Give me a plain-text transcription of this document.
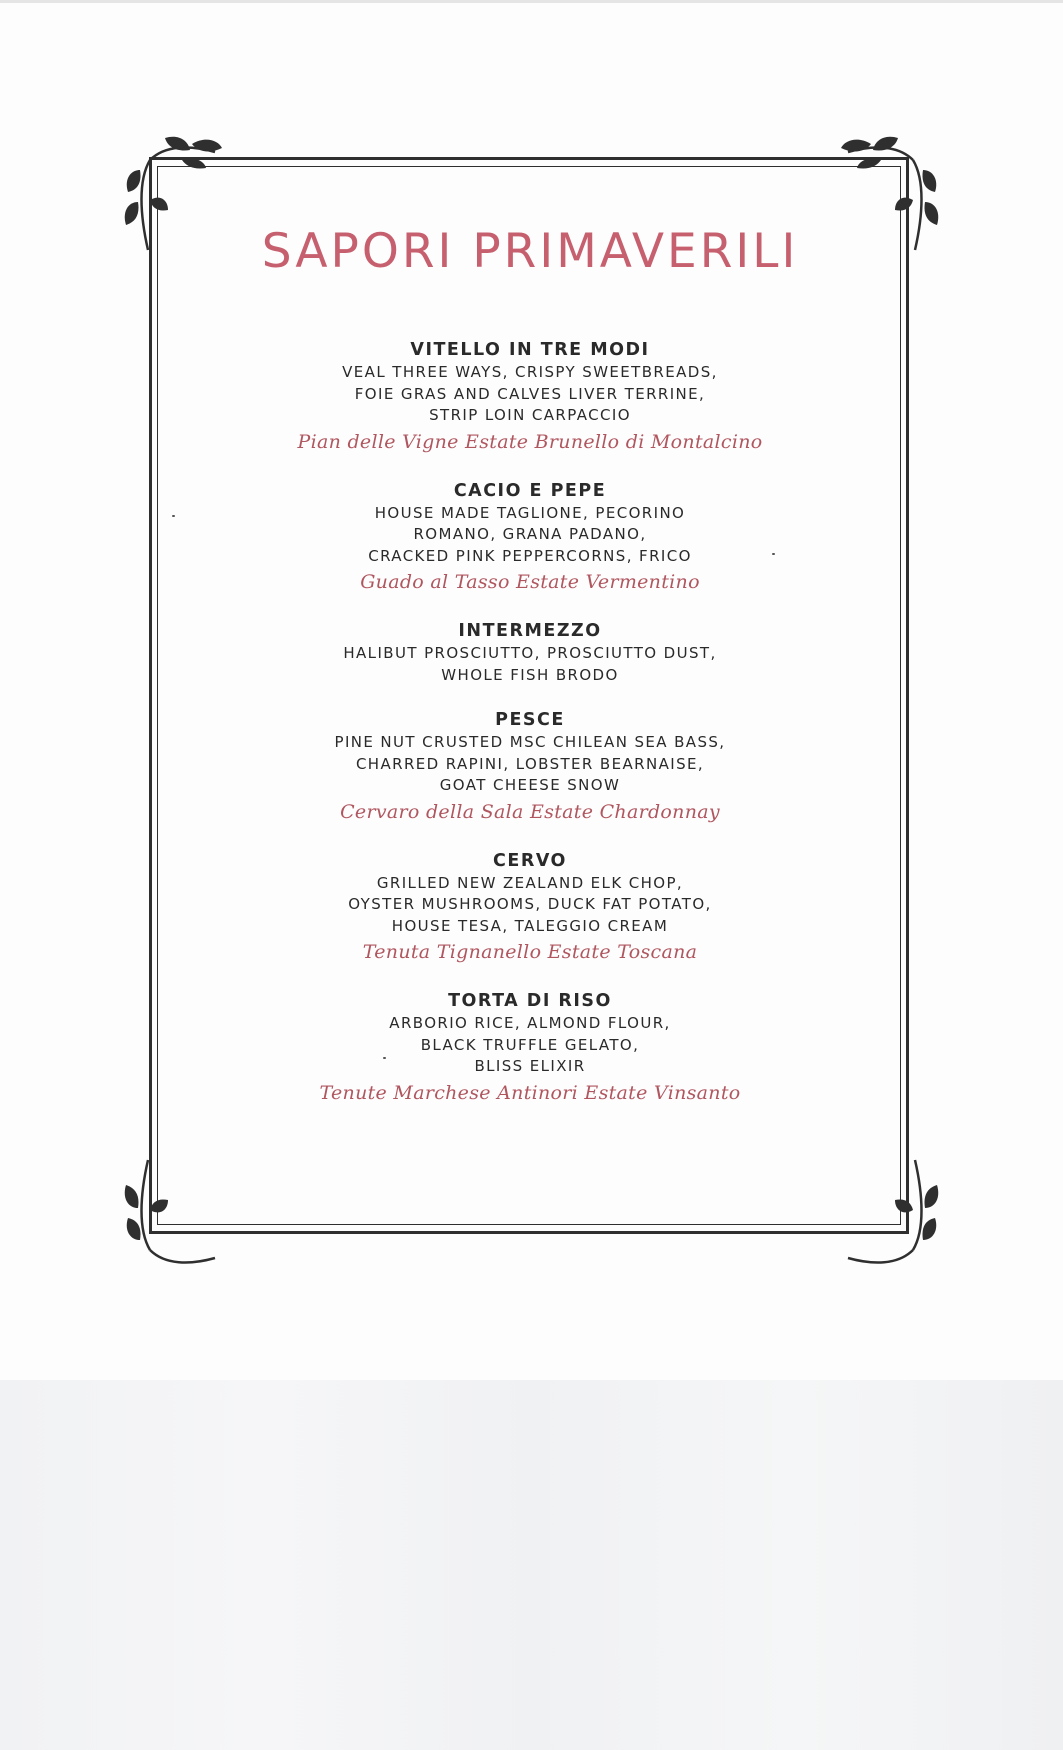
SAPORI PRIMAVERILI
VITELLO IN TRE MODI
VEAL THREE WAYS, CRISPY SWEETBREADS,
FOIE GRAS AND CALVES LIVER TERRINE,
STRIP LOIN CARPACCIO
Pian delle Vigne Estate Brunello di Montalcino
CACIO E PEPE
HOUSE MADE TAGLIONE, PECORINO
ROMANO, GRANA PADANO,
CRACKED PINK PEPPERCORNS, FRICO
Guado al Tasso Estate Vermentino
INTERMEZZO
HALIBUT PROSCIUTTO, PROSCIUTTO DUST,
WHOLE FISH BRODO
PESCE
PINE NUT CRUSTED MSC CHILEAN SEA BASS,
CHARRED RAPINI, LOBSTER BEARNAISE,
GOAT CHEESE SNOW
Cervaro della Sala Estate Chardonnay
CERVO
GRILLED NEW ZEALAND ELK CHOP,
OYSTER MUSHROOMS, DUCK FAT POTATO,
HOUSE TESA, TALEGGIO CREAM
Tenuta Tignanello Estate Toscana
TORTA DI RISO
ARBORIO RICE, ALMOND FLOUR,
BLACK TRUFFLE GELATO,
BLISS ELIXIR
Tenute Marchese Antinori Estate Vinsanto
